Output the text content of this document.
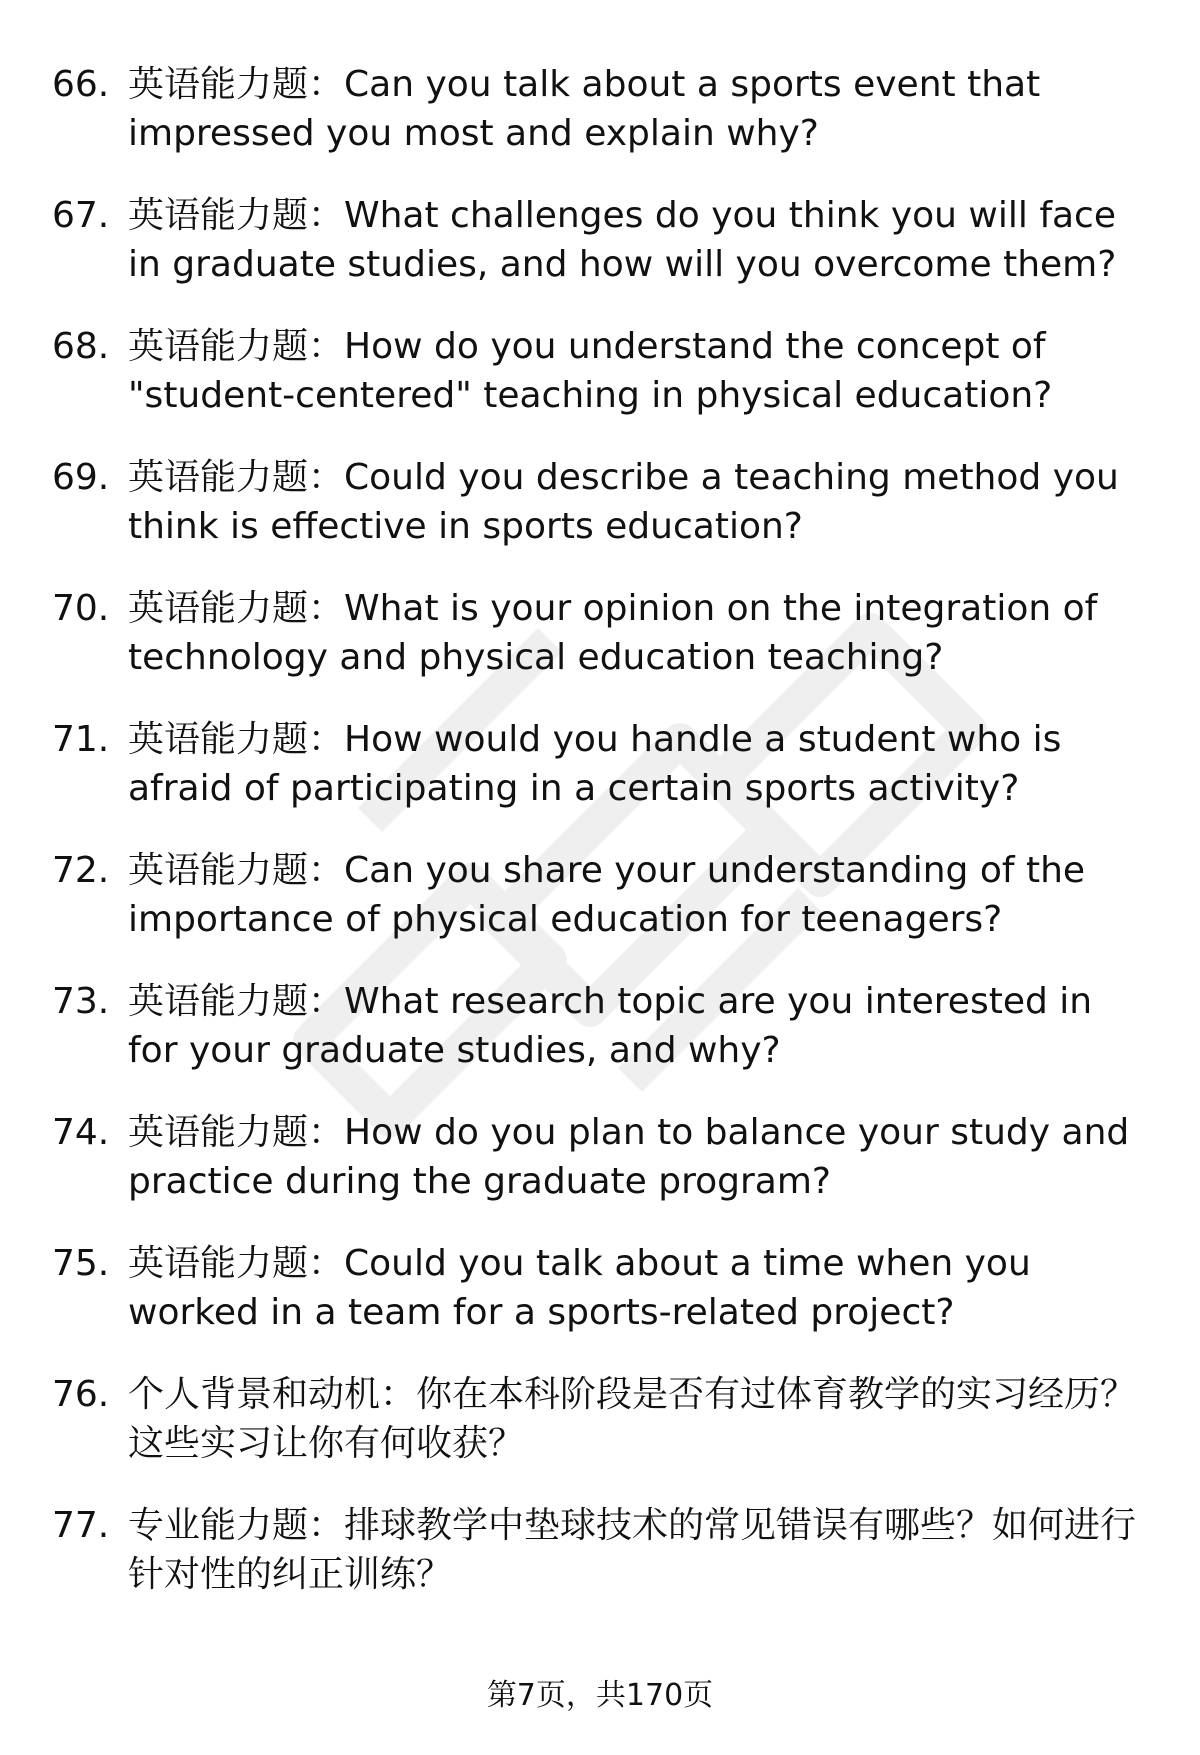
66. 英语能力题：Can you talk about a sports event that impressed you most and explain why?
67. 英语能力题：What challenges do you think you will face in graduate studies, and how will you overcome them?
68. 英语能力题：How do you understand the concept of "student-centered" teaching in physical education?
69. 英语能力题：Could you describe a teaching method you think is effective in sports education?
70. 英语能力题：What is your opinion on the integration of technology and physical education teaching?
71. 英语能力题：How would you handle a student who is afraid of participating in a certain sports activity?
72. 英语能力题：Can you share your understanding of the importance of physical education for teenagers?
73. 英语能力题：What research topic are you interested in for your graduate studies, and why?
74. 英语能力题：How do you plan to balance your study and practice during the graduate program?
75. 英语能力题：Could you talk about a time when you worked in a team for a sports-related project?
76. 个人背景和动机：你在本科阶段是否有过体育教学的实习经历？这些实习让你有何收获？
77. 专业能力题：排球教学中垫球技术的常见错误有哪些？如何进行针对性的纠正训练？
第7页，共170页
